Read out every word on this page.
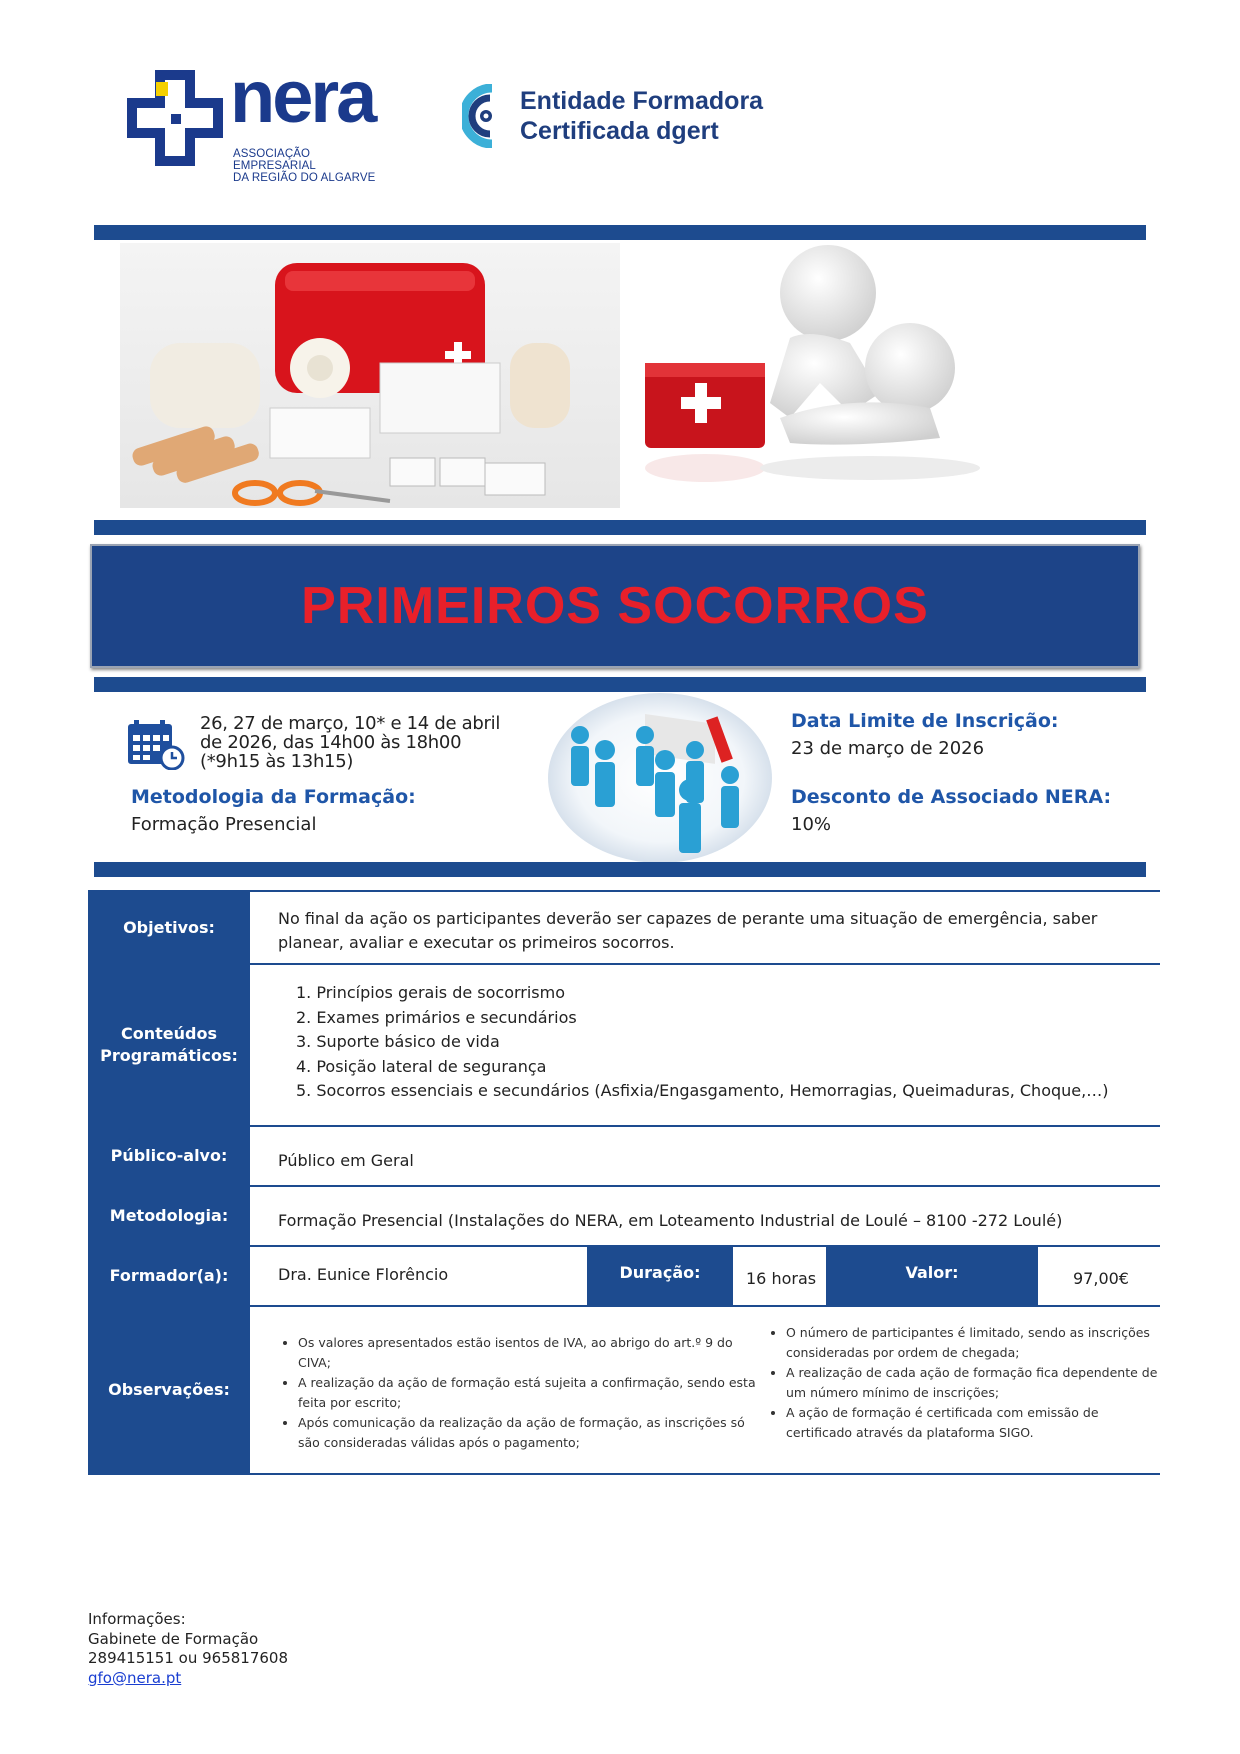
nera
ASSOCIAÇÃO EMPRESARIAL
DA REGIÃO DO ALGARVE
Entidade Formadora
Certificada dgert
PRIMEIROS SOCORROS
26, 27 de março, 10* e 14 de abril de 2026, das 14h00 às 18h00 (*9h15 às 13h15)
Metodologia da Formação:
Formação Presencial
Data Limite de Inscrição:
23 de março de 2026
Desconto de Associado NERA:
10%
Objetivos:	No final da ação os participantes deverão ser capazes de perante uma situação de emergência, saber planear, avaliar e executar os primeiros socorros.
Conteúdos Programáticos:
1. Princípios gerais de socorrismo
2. Exames primários e secundários
3. Suporte básico de vida
4. Posição lateral de segurança
5. Socorros essenciais e secundários (Asfixia/Engasgamento, Hemorragias, Queimaduras, Choque,…)
Público-alvo:	Público em Geral
Metodologia:	Formação Presencial (Instalações do NERA, em Loteamento Industrial de Loulé – 8100 -272 Loulé)
Formador(a):	Dra. Eunice Florêncio	Duração:	16 horas	Valor:	97,00€
Observações:
• Os valores apresentados estão isentos de IVA, ao abrigo do art.º 9 do CIVA;
• A realização da ação de formação está sujeita a confirmação, sendo esta feita por escrito;
• Após comunicação da realização da ação de formação, as inscrições só são consideradas válidas após o pagamento;
• O número de participantes é limitado, sendo as inscrições consideradas por ordem de chegada;
• A realização de cada ação de formação fica dependente de um número mínimo de inscrições;
• A ação de formação é certificada com emissão de certificado através da plataforma SIGO.
Informações:
Gabinete de Formação
289415151 ou 965817608
gfo@nera.pt
